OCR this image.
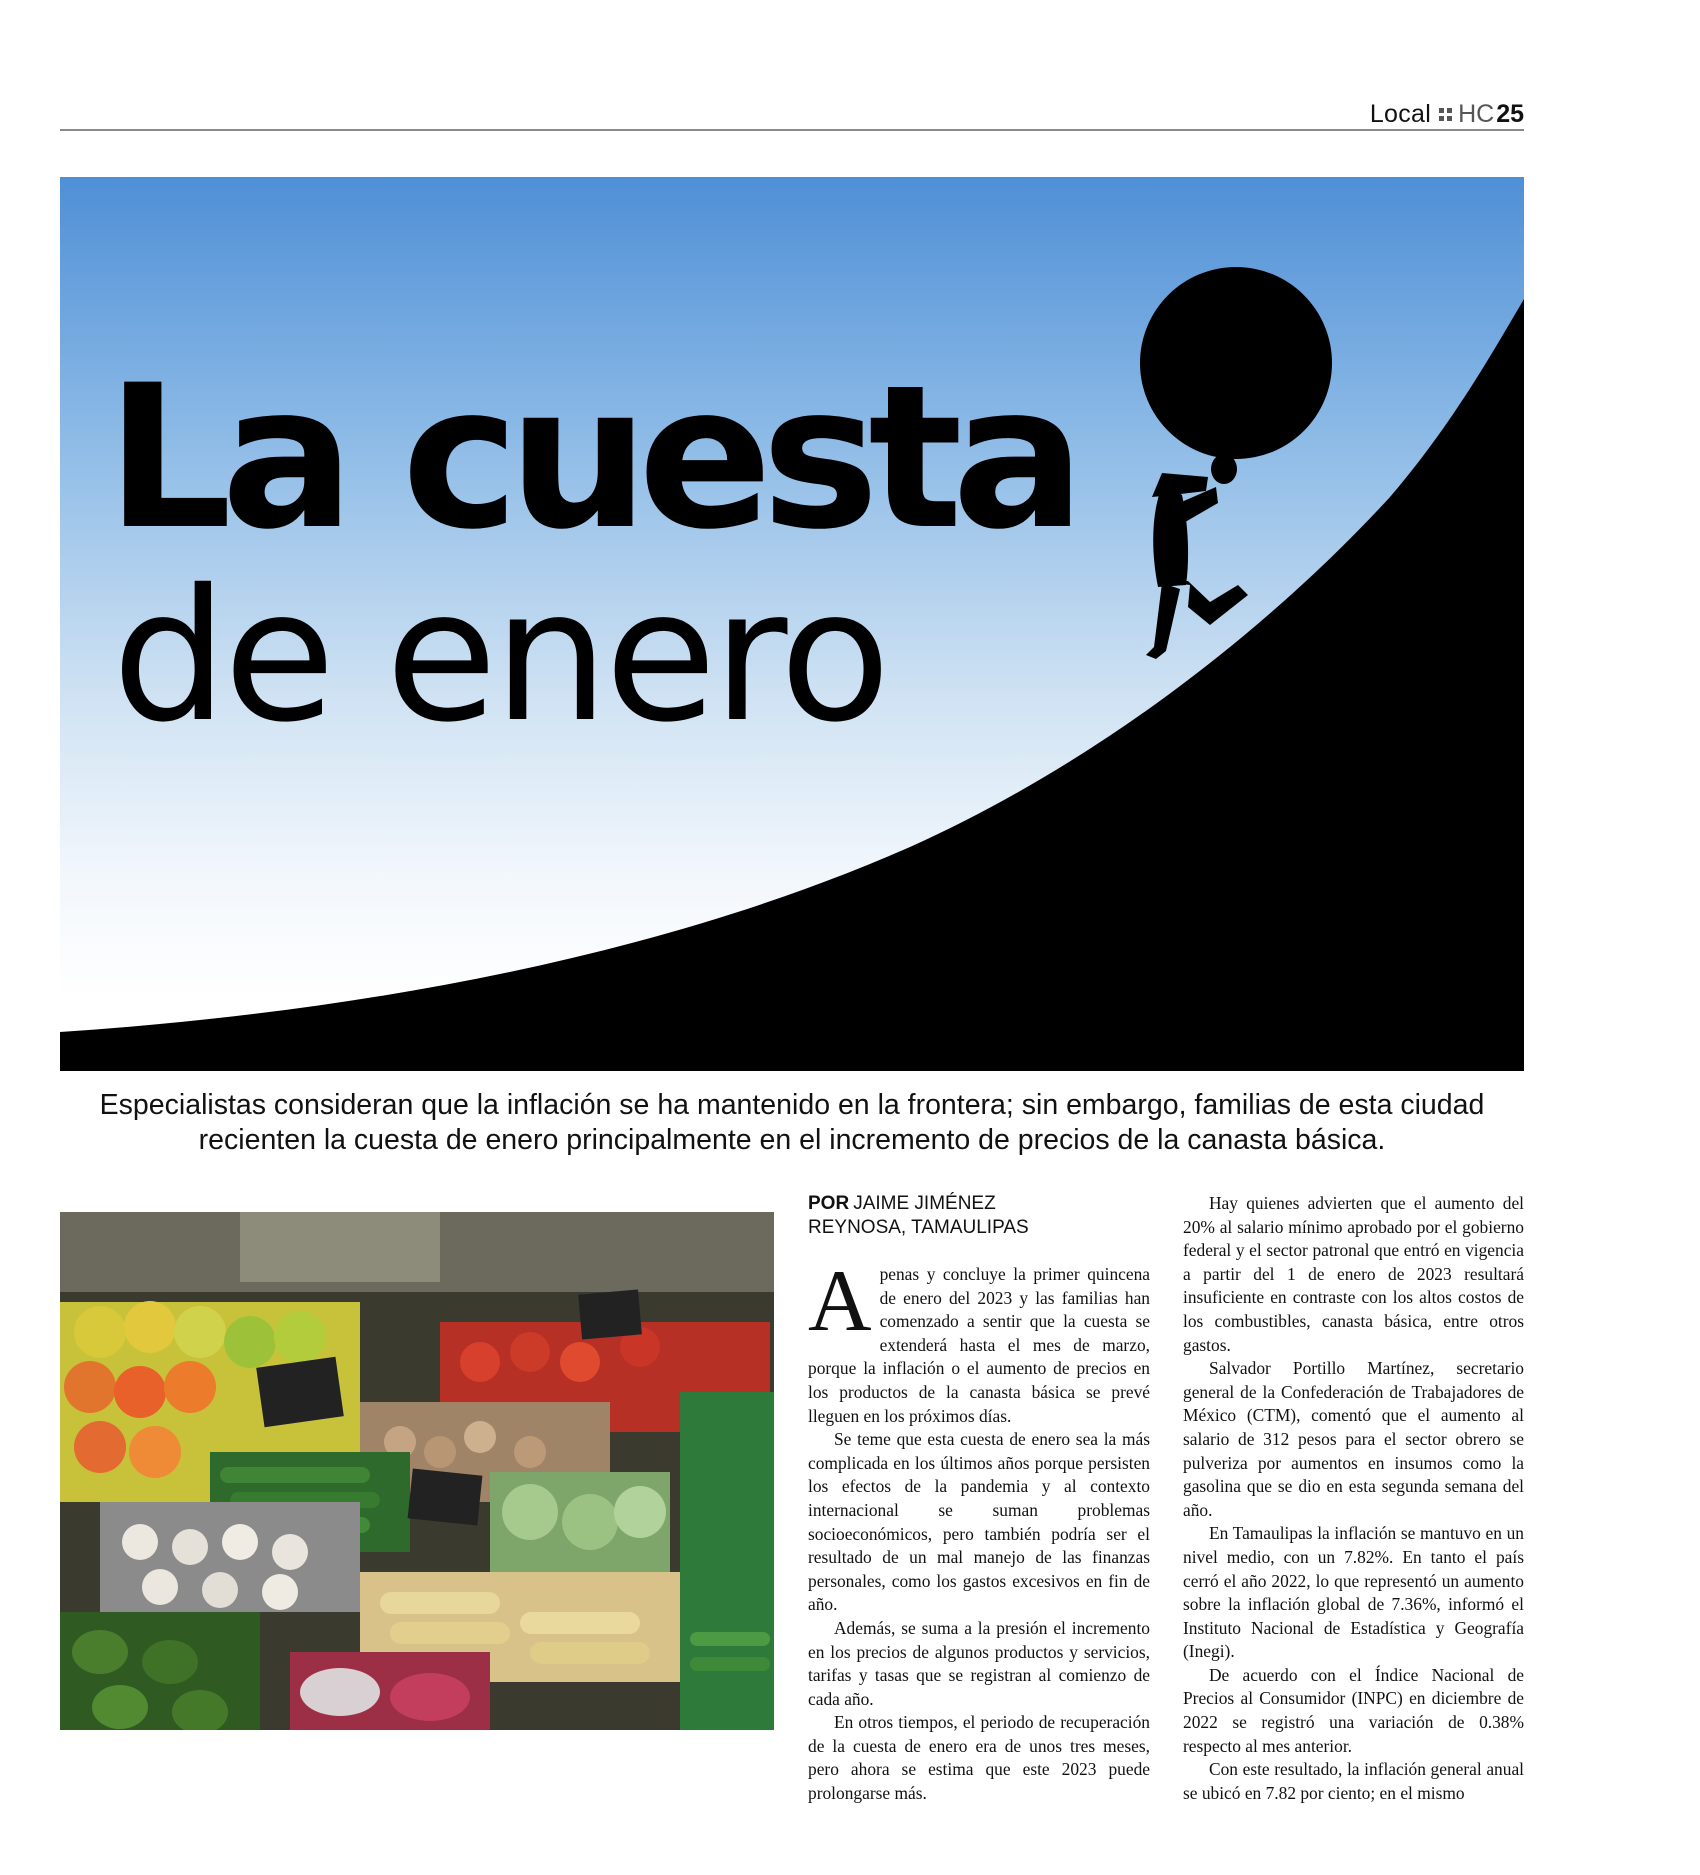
Local HC 25
La cuesta
de enero

Especialistas consideran que la inflación se ha mantenido en la frontera; sin embargo, familias de esta ciudad recienten la cuesta de enero principalmente en el incremento de precios de la canasta básica.

POR JAIME JIMÉNEZ
REYNOSA, TAMAULIPAS

Apenas y concluye la primer quincena de enero del 2023 y las familias han comenzado a sentir que la cuesta se extenderá hasta el mes de marzo, porque la inflación o el aumento de precios en los productos de la canasta básica se prevé lleguen en los próximos días.

Se teme que esta cuesta de enero sea la más complicada en los últimos años porque persisten los efectos de la pandemia y al contexto internacional se suman problemas socioeconómicos, pero también podría ser el resultado de un mal manejo de las finanzas personales, como los gastos excesivos en fin de año.

Además, se suma a la presión el incremento en los precios de algunos productos y servicios, tarifas y tasas que se registran al comienzo de cada año.

En otros tiempos, el periodo de recuperación de la cuesta de enero era de unos tres meses, pero ahora se estima que este 2023 puede prolongarse más.

Hay quienes advierten que el aumento del 20% al salario mínimo aprobado por el gobierno federal y el sector patronal que entró en vigencia a partir del 1 de enero de 2023 resultará insuficiente en contraste con los altos costos de los combustibles, canasta básica, entre otros gastos.

Salvador Portillo Martínez, secretario general de la Confederación de Trabajadores de México (CTM), comentó que el aumento al salario de 312 pesos para el sector obrero se pulveriza por aumentos en insumos como la gasolina que se dio en esta segunda semana del año.

En Tamaulipas la inflación se mantuvo en un nivel medio, con un 7.82%. En tanto el país cerró el año 2022, lo que representó un aumento sobre la inflación global de 7.36%, informó el Instituto Nacional de Estadística y Geografía (Inegi).

De acuerdo con el Índice Nacional de Precios al Consumidor (INPC) en diciembre de 2022 se registró una variación de 0.38% respecto al mes anterior.

Con este resultado, la inflación general anual se ubicó en 7.82 por ciento; en el mismo
